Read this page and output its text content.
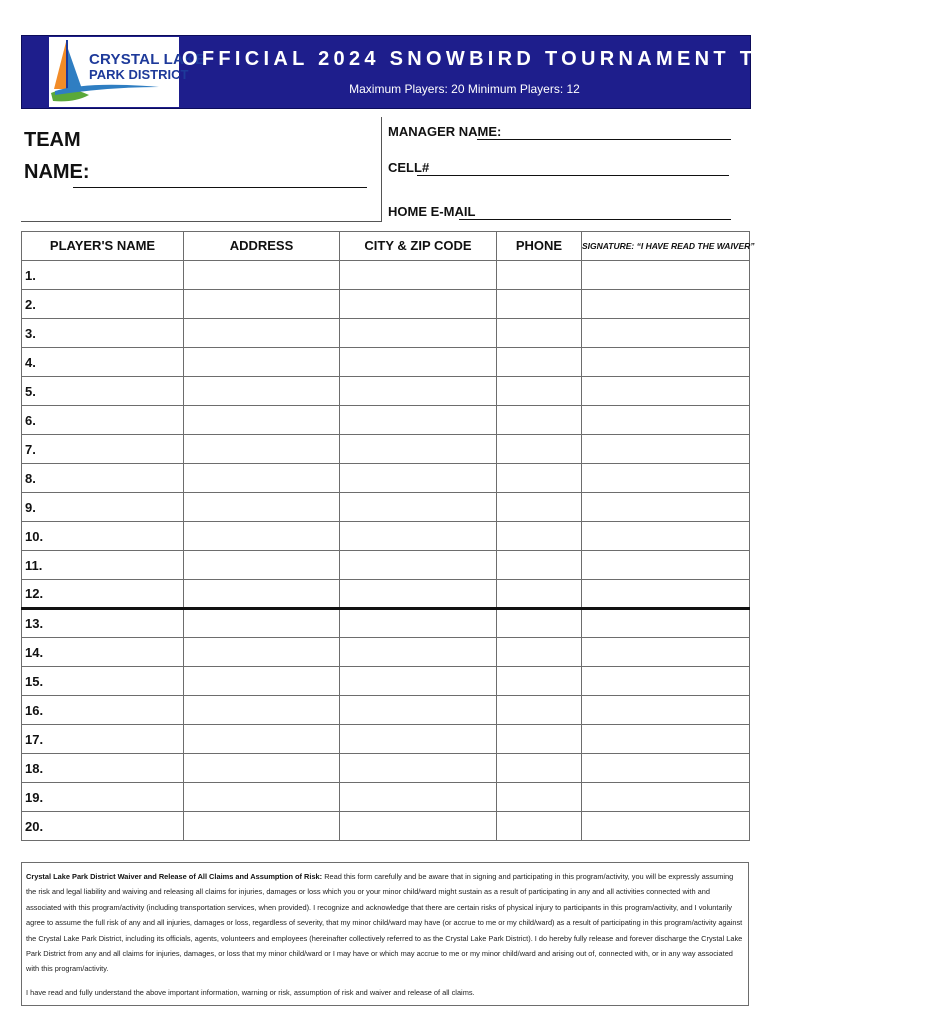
CRYSTAL LAKE
PARK DISTRICT
OFFICIAL 2024 SNOWBIRD TOURNAMENT TEAM ROSTER
Maximum Players: 20 Minimum Players: 12
TEAM
NAME:
MANAGER NAME:
CELL#
HOME E-MAIL
PLAYER'S NAME	ADDRESS	CITY & ZIP CODE	PHONE	SIGNATURE: “I HAVE READ THE WAIVER”
1.				
2.				
3.				
4.				
5.				
6.				
7.				
8.				
9.				
10.				
11.				
12.				
13.				
14.				
15.				
16.				
17.				
18.				
19.				
20.				
Crystal Lake Park District Waiver and Release of All Claims and Assumption of Risk: Read this form carefully and be aware that in signing and participating in this program/activity, you will be expressly assuming the risk and legal liability and waiving and releasing all claims for injuries, damages or loss which you or your minor child/ward might sustain as a result of participating in any and all activities connected with and associated with this program/activity (including transportation services, when provided). I recognize and acknowledge that there are certain risks of physical injury to participants in this program/activity, and I voluntarily agree to assume the full risk of any and all injuries, damages or loss, regardless of severity, that my minor child/ward may have (or accrue to me or my child/ward) as a result of participating in this program/activity against the Crystal Lake Park District, including its officials, agents, volunteers and employees (hereinafter collectively referred to as the Crystal Lake Park District). I do hereby fully release and forever discharge the Crystal Lake Park District from any and all claims for injuries, damages, or loss that my minor child/ward or I may have or which may accrue to me or my minor child/ward and arising out of, connected with, or in any way associated with this program/activity.
I have read and fully understand the above important information, warning or risk, assumption of risk and waiver and release of all claims.
